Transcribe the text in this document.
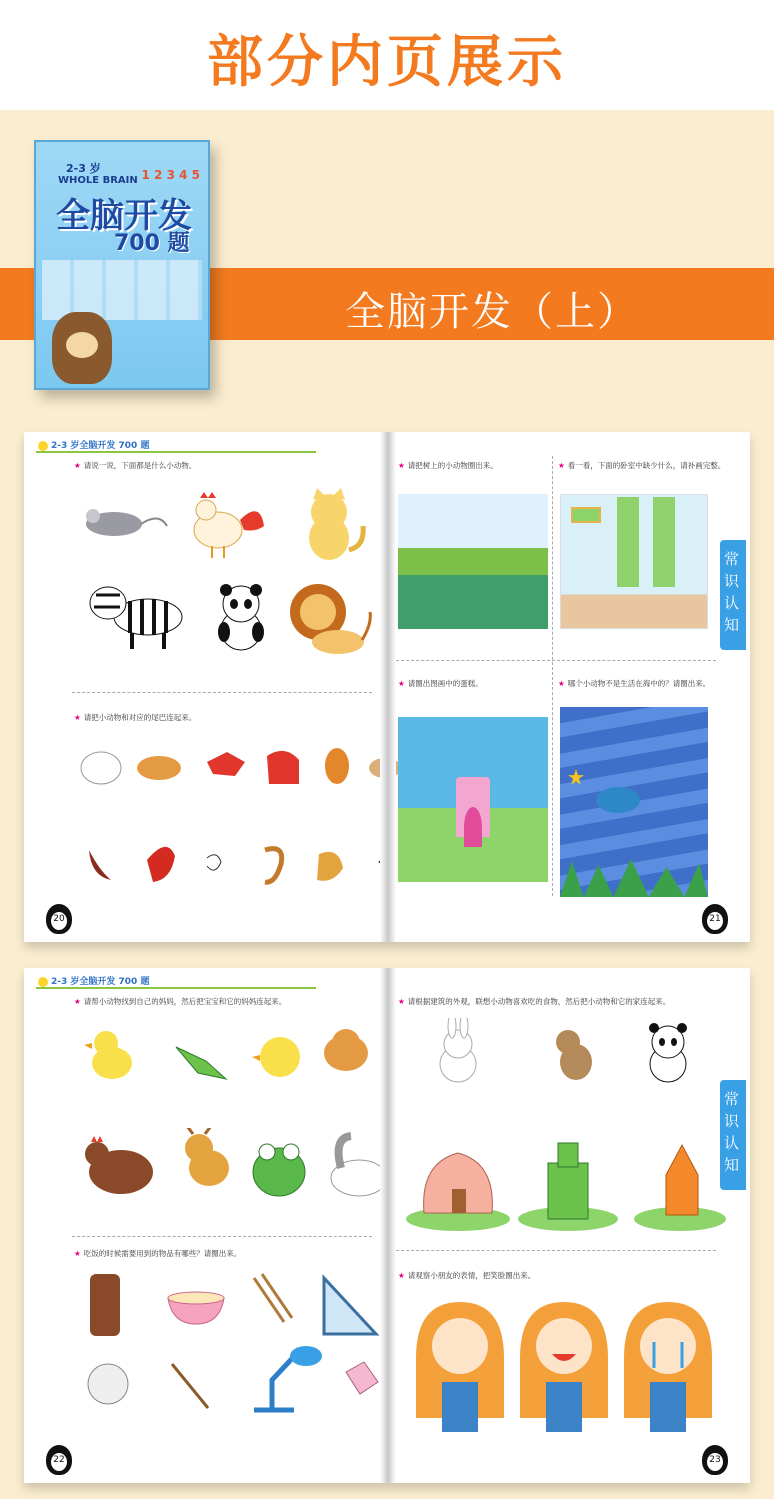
部分内页展示
2-3 岁
WHOLE BRAIN 1 2 3 4 5
全脑开发
700 题
全脑开发（上）
2-3 岁全脑开发 700 题
★ 请说一说，下面都是什么小动物。
★ 请把小动物和对应的尾巴连起来。
20
★ 请把树上的小动物圈出来。	★ 看一看，下面的卧室中缺少什么，请补画完整。
★ 请圈出图画中的蛋糕。	★ 哪个小动物不是生活在海中的？请圈出来。
常识认知
21
2-3 岁全脑开发 700 题
★ 请帮小动物找到自己的妈妈，然后把宝宝和它的妈妈连起来。
★ 吃饭的时候需要用到的物品有哪些？请圈出来。
22
★ 请根据建筑的外观，联想小动物喜欢吃的食物，然后把小动物和它的家连起来。
★ 请观察小朋友的表情，把笑脸圈出来。
常识认知
23
